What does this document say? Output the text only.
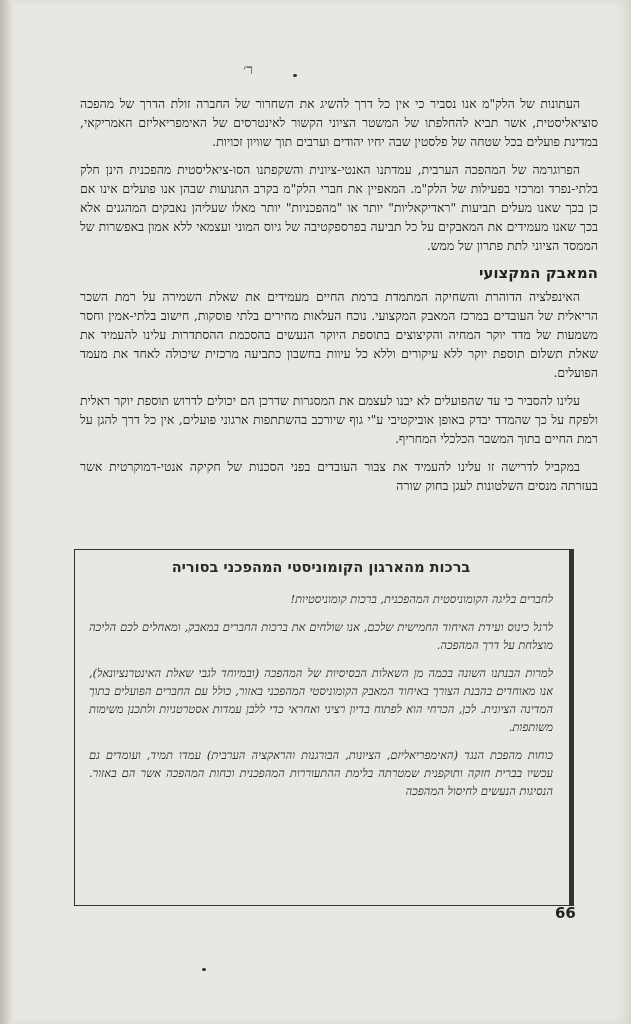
ר׳

העתונות של הלק"מ אנו נסביר כי אין כל דרך להשיג את השחרור של החברה זולת הדרך של מהפכה סוציאליסטית, אשר תביא להחלפתו של המשטר הציוני הקשור לאינטרסים של האימפריאליזם האמריקאי, במדינת פועלים בכל שטחה של פלסטין שבה יחיו יהודים וערבים תוך שוויון זכויות.

הפרוגרמה של המהפכה הערבית, עמדתנו האנטי-ציונית והשקפתנו הסו-ציאליסטית מהפכנית הינן חלק בלתי-נפרד ומרכזי בפעילות של הלק"מ. המאפיין את חברי הלק"מ בקרב התנועות שבהן אנו פועלים אינו אם כן בכך שאנו מעלים תביעות "ראדיקאליות" יותר או "מהפכניות" יותר מאלו שעליהן נאבקים המהגנים אלא בכך שאנו מעמידים את המאבקים על כל תביעה בפרספקטיבה של גיוס המוני ועצמאי ללא אמון באפשרות של הממסד הציוני לתת פתרון של ממש.

המאבק המקצועי

האינפלציה הדוהרת והשחיקה המתמדת ברמת החיים מעמידים את שאלת השמירה על רמת השכר הריאלית של העובדים במרכז המאבק המקצועי. נוכח העלאות מחירים בלתי פוסקות, חישוב בלתי-אמין וחסר משמעות של מדד יוקר המחיה והקיצוצים בתוספת היוקר הנעשים בהסכמת ההסתדרות עלינו להעמיד את שאלת תשלום תוספת יוקר ללא עיקורים וללא כל עיוות בחשבון כתביעה מרכזית שיכולה לאחד את מעמד הפועלים.

עלינו להסביר כי עד שהפועלים לא יבנו לעצמם את המסגרות שדרכן הם יכולים לדרוש תוספת יוקר ראלית ולפקח על כך שהמדד יבדק באופן אוביקטיבי ע"י גוף שיורכב בהשתתפות ארגוני פועלים, אין כל דרך להגן על רמת החיים בתוך המשבר הכלכלי המחריף.

במקביל לדרישה זו עלינו להעמיד את צבור העובדים בפני הסכנות של חקיקה אנטי-דמוקרטית אשר בעזרתה מנסים השלטונות לעגן בחוק שורה

ברכות מהארגון הקומוניסטי המהפכני בסוריה

לחברים בליגה הקומוניסטית המהפכנית, ברכות קומוניסטיות!

לרגל כינוס ועידת האיחוד החמישית שלכם, אנו שולחים את ברכות החברים במאבק, ומאחלים לכם הליכה מוצלחת על דרך המהפכה.

למרות הבנתנו השונה בכמה מן השאלות הבסיסיות של המהפכה (ובמיוחד לגבי שאלת האינטרנציונאל), אנו מאוחדים בהבנת הצורך באיחוד המאבק הקומוניסטי המהפכני באזור, כולל עם החברים הפועלים בתוך המדינה הציונית. לכן, הכרחי הוא לפתוח בדיון רציני ואחראי כדי ללבן עמדות אסטרטגיות ולתכנן משימות משותפות.

כוחות מהפכת הנגד (האימפריאליזם, הציונות, הבורגנות והראקציה הערבית) עמדו תמיד, ועומדים גם עכשיו בברית חזקה ותוקפנית שמטרתה בלימת ההתעוררות המהפכנית וכחות המהפכה אשר הם באזור. הנסיגות הנעשים לחיסול המהפכה

66
